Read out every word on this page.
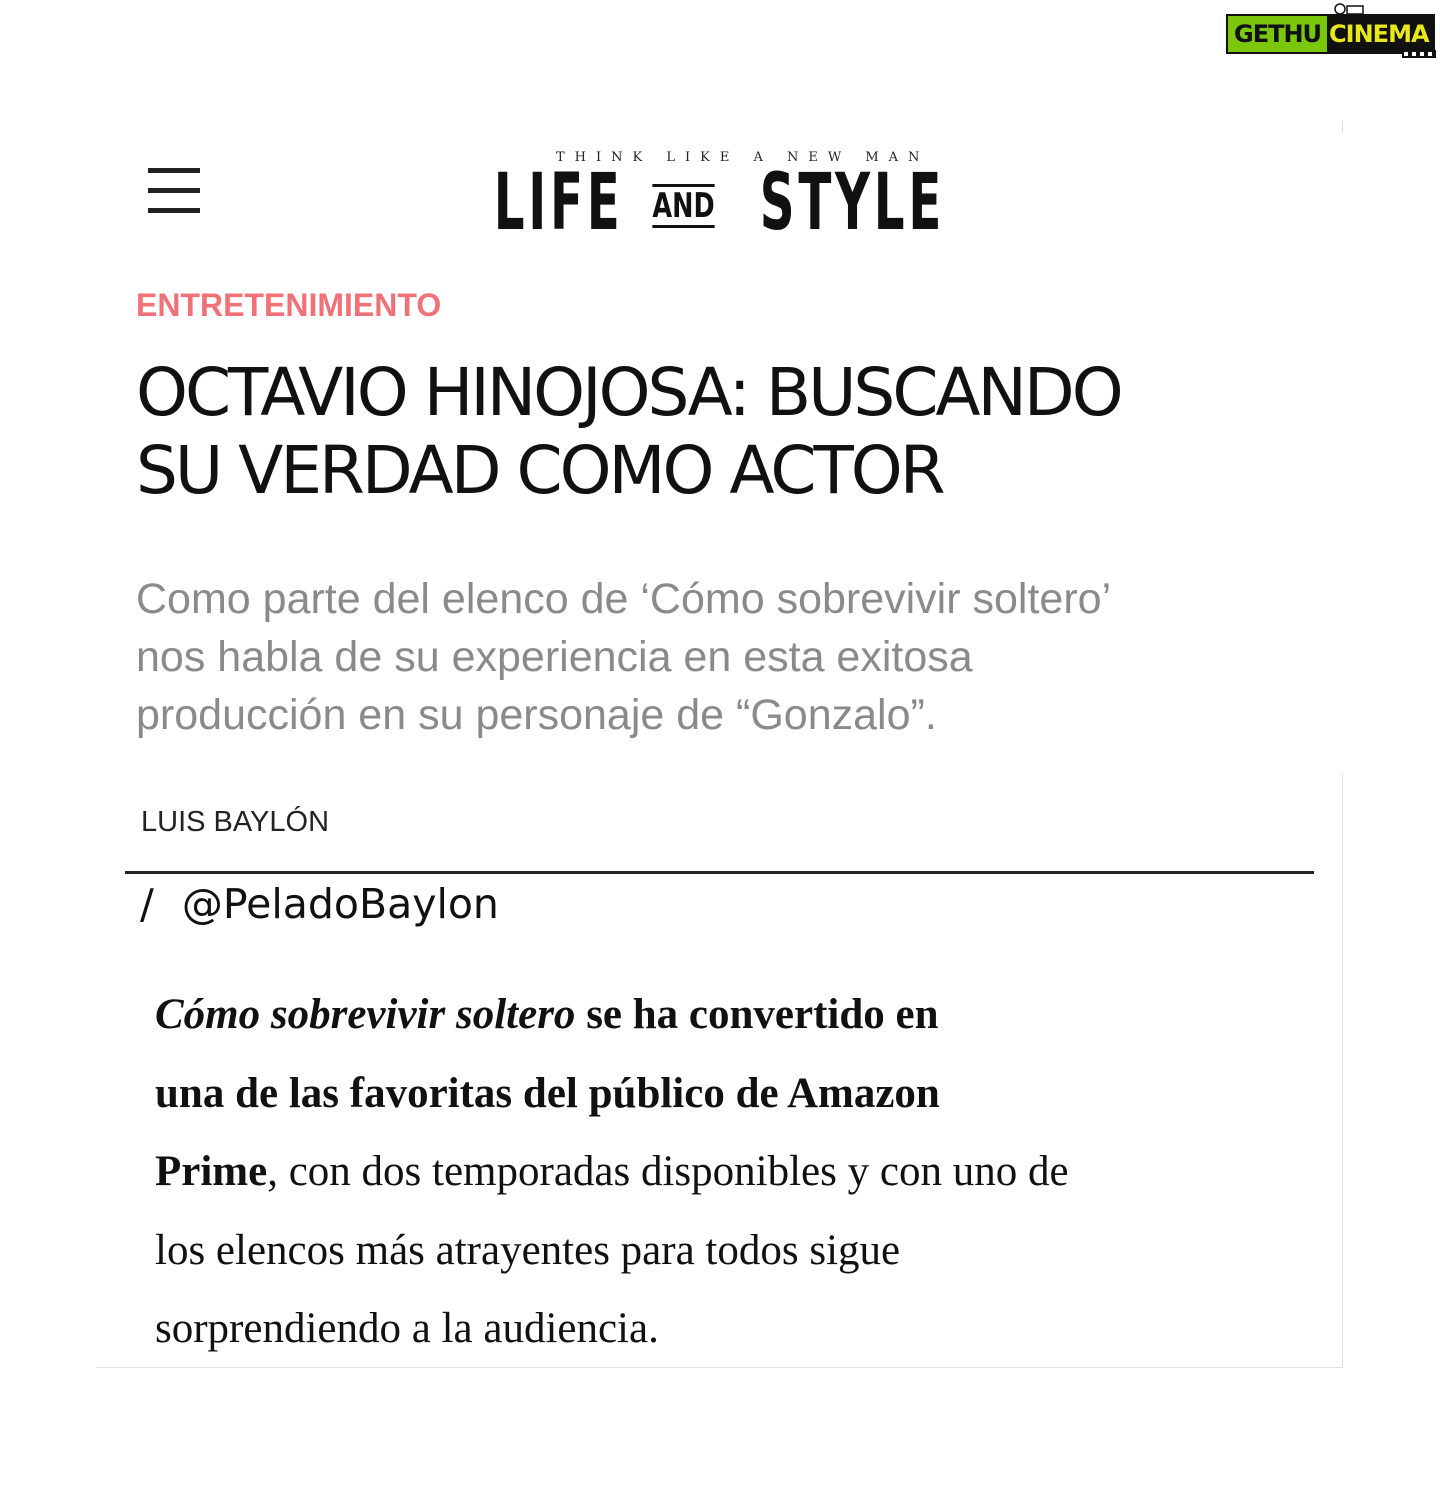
GETHU CINEMA
THINK LIKE A NEW MAN
LIFE AND STYLE
ENTRETENIMIENTO
OCTAVIO HINOJOSA: BUSCANDO
SU VERDAD COMO ACTOR
Como parte del elenco de ‘Cómo sobrevivir soltero’
nos habla de su experiencia en esta exitosa
producción en su personaje de “Gonzalo”.
LUIS BAYLÓN
/ @PeladoBaylon
Cómo sobrevivir soltero se ha convertido en
una de las favoritas del público de Amazon
Prime, con dos temporadas disponibles y con uno de
los elencos más atrayentes para todos sigue
sorprendiendo a la audiencia.
